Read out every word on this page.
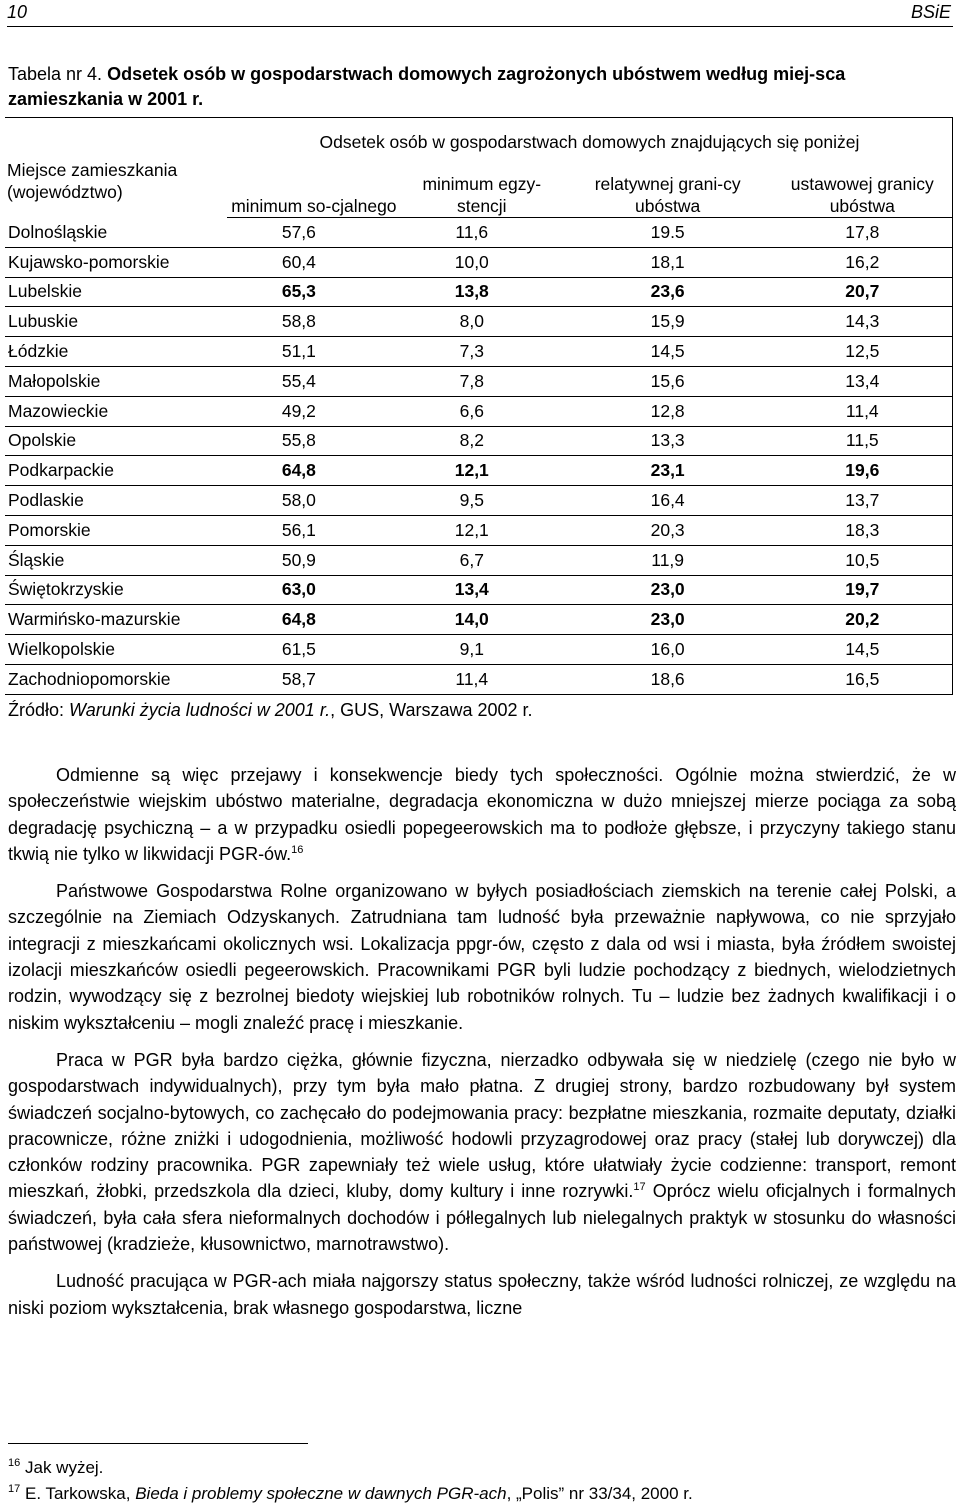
10	BSiE
Tabela nr 4. Odsetek osób w gospodarstwach domowych zagrożonych ubóstwem według miej-sca zamieszkania w 2001 r.
Miejsce zamieszkania (województwo)	Odsetek osób w gospodarstwach domowych znajdujących się poniżej			
	minimum so-cjalnego	minimum egzy-stencji	relatywnej grani-cy ubóstwa	ustawowej granicy ubóstwa
Dolnośląskie	57,6	11,6	19.5	17,8
Kujawsko-pomorskie	60,4	10,0	18,1	16,2
Lubelskie	65,3	13,8	23,6	20,7
Lubuskie	58,8	8,0	15,9	14,3
Łódzkie	51,1	7,3	14,5	12,5
Małopolskie	55,4	7,8	15,6	13,4
Mazowieckie	49,2	6,6	12,8	11,4
Opolskie	55,8	8,2	13,3	11,5
Podkarpackie	64,8	12,1	23,1	19,6
Podlaskie	58,0	9,5	16,4	13,7
Pomorskie	56,1	12,1	20,3	18,3
Śląskie	50,9	6,7	11,9	10,5
Świętokrzyskie	63,0	13,4	23,0	19,7
Warmińsko-mazurskie	64,8	14,0	23,0	20,2
Wielkopolskie	61,5	9,1	16,0	14,5
Zachodniopomorskie	58,7	11,4	18,6	16,5
Źródło: Warunki życia ludności w 2001 r., GUS, Warszawa 2002 r.

Odmienne są więc przejawy i konsekwencje biedy tych społeczności. Ogólnie można stwierdzić, że w społeczeństwie wiejskim ubóstwo materialne, degradacja ekonomiczna w dużo mniejszej mierze pociąga za sobą degradację psychiczną – a w przypadku osiedli popegeerowskich ma to podłoże głębsze, i przyczyny takiego stanu tkwią nie tylko w likwidacji PGR-ów.$^{16}$

Państwowe Gospodarstwa Rolne organizowano w byłych posiadłościach ziemskich na terenie całej Polski, a szczególnie na Ziemiach Odzyskanych. Zatrudniana tam ludność była przeważnie napływowa, co nie sprzyjało integracji z mieszkańcami okolicznych wsi. Lokalizacja ppgr-ów, często z dala od wsi i miasta, była źródłem swoistej izolacji mieszkańców osiedli pegeerowskich. Pracownikami PGR byli ludzie pochodzący z biednych, wielodzietnych rodzin, wywodzący się z bezrolnej biedoty wiejskiej lub robotników rolnych. Tu – ludzie bez żadnych kwalifikacji i o niskim wykształceniu – mogli znaleźć pracę i mieszkanie.

Praca w PGR była bardzo ciężka, głównie fizyczna, nierzadko odbywała się w niedzielę (czego nie było w gospodarstwach indywidualnych), przy tym była mało płatna. Z drugiej strony, bardzo rozbudowany był system świadczeń socjalno-bytowych, co zachęcało do podejmowania pracy: bezpłatne mieszkania, rozmaite deputaty, działki pracownicze, różne zniżki i udogodnienia, możliwość hodowli przyzagrodowej oraz pracy (stałej lub dorywczej) dla członków rodziny pracownika. PGR zapewniały też wiele usług, które ułatwiały życie codzienne: transport, remont mieszkań, żłobki, przedszkola dla dzieci, kluby, domy kultury i inne rozrywki.$^{17}$ Oprócz wielu oficjalnych i formalnych świadczeń, była cała sfera nieformalnych dochodów i półlegalnych lub nielegalnych praktyk w stosunku do własności państwowej (kradzieże, kłusownictwo, marnotrawstwo).

Ludność pracująca w PGR-ach miała najgorszy status społeczny, także wśród ludności rolniczej, ze względu na niski poziom wykształcenia, brak własnego gospodarstwa, liczne

$^{16}$ Jak wyżej.
$^{17}$ E. Tarkowska, Bieda i problemy społeczne w dawnych PGR-ach, „Polis” nr 33/34, 2000 r.
